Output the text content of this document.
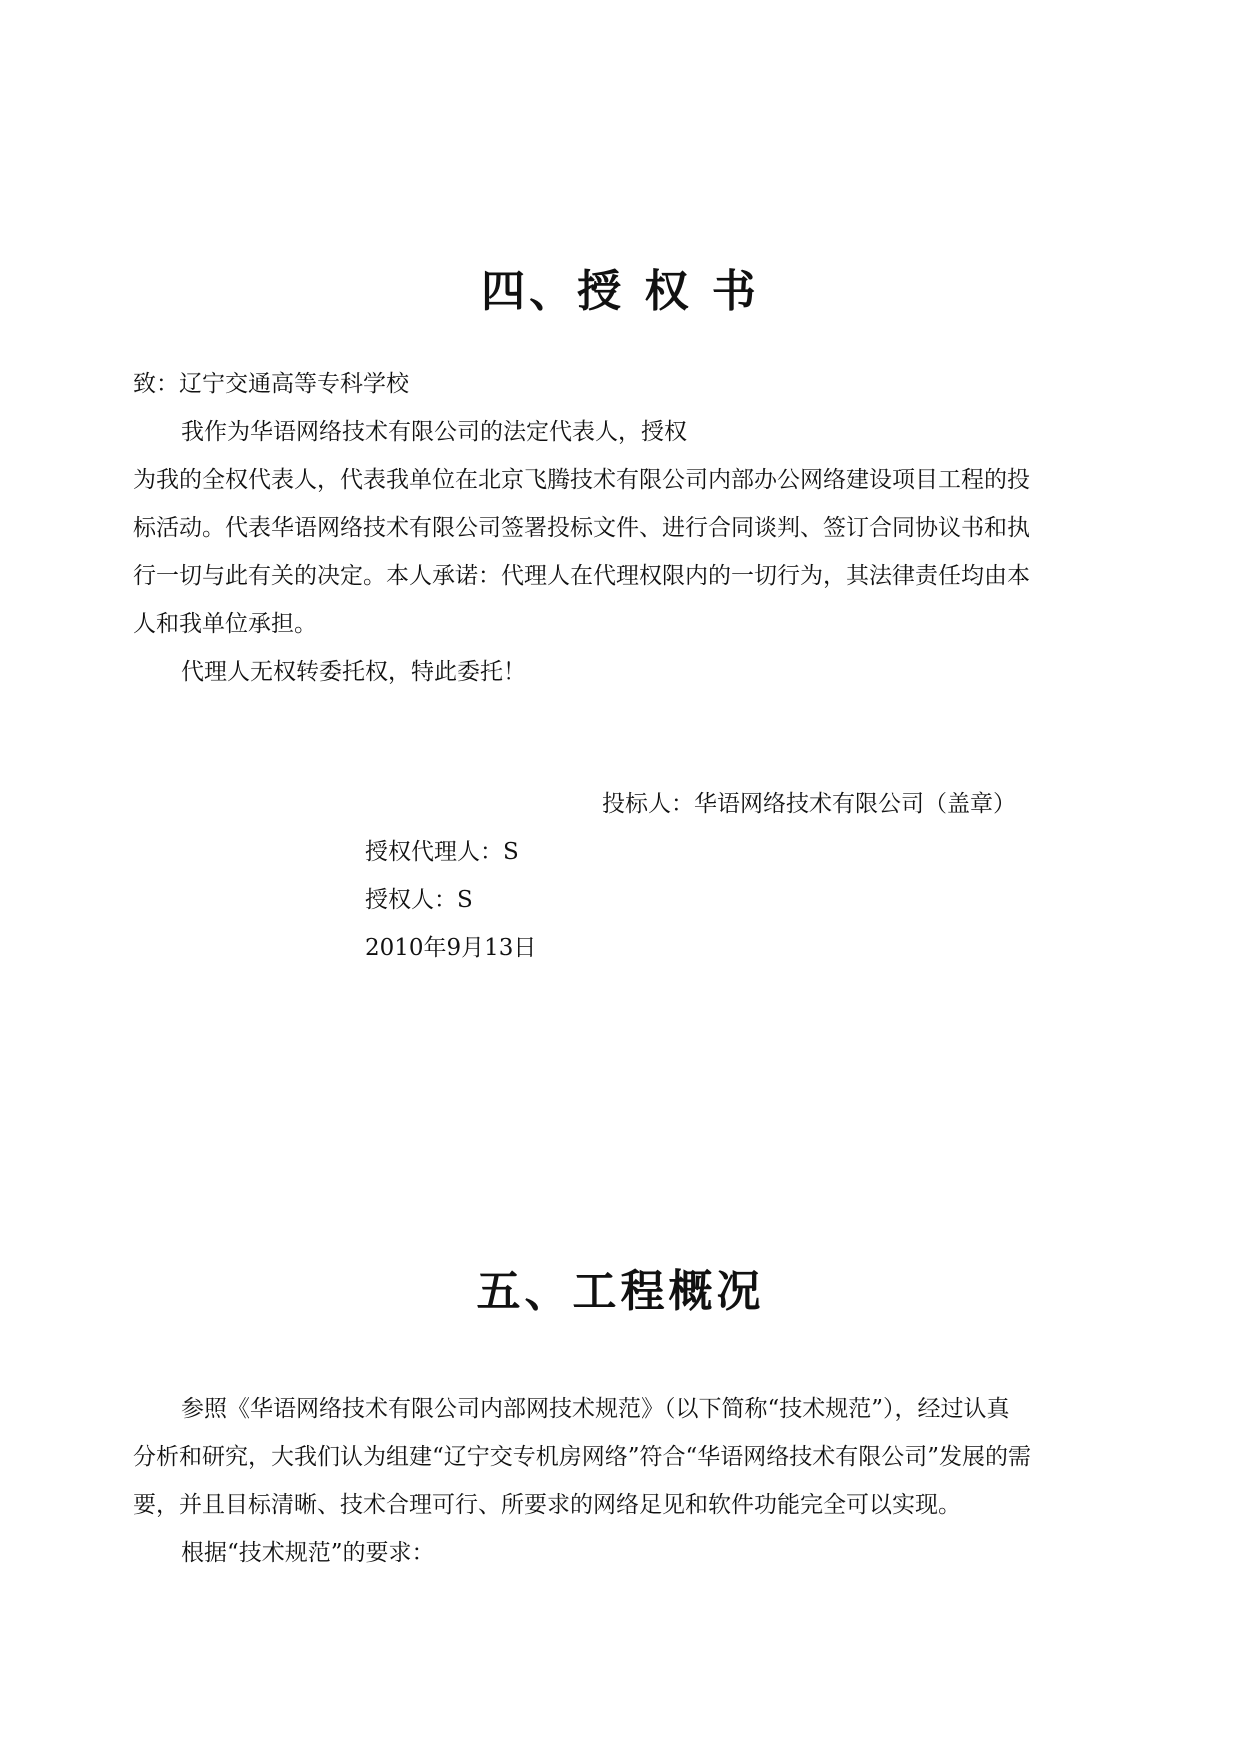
四、授 权 书
致：辽宁交通高等专科学校
我作为华语网络技术有限公司的法定代表人，授权
为我的全权代表人，代表我单位在北京飞腾技术有限公司内部办公网络建设项目工程的投
标活动。代表华语网络技术有限公司签署投标文件、进行合同谈判、签订合同协议书和执
行一切与此有关的决定。本人承诺：代理人在代理权限内的一切行为，其法律责任均由本
人和我单位承担。
代理人无权转委托权，特此委托！
投标人：华语网络技术有限公司（盖章）
授权代理人：S
授权人：S
2010年9月13日
五、工程概况
参照《华语网络技术有限公司内部网技术规范》（以下简称“技术规范”），经过认真
分析和研究，大我们认为组建“辽宁交专机房网络”符合“华语网络技术有限公司”发展的需
要，并且目标清晰、技术合理可行、所要求的网络足见和软件功能完全可以实现。
根据“技术规范”的要求：
